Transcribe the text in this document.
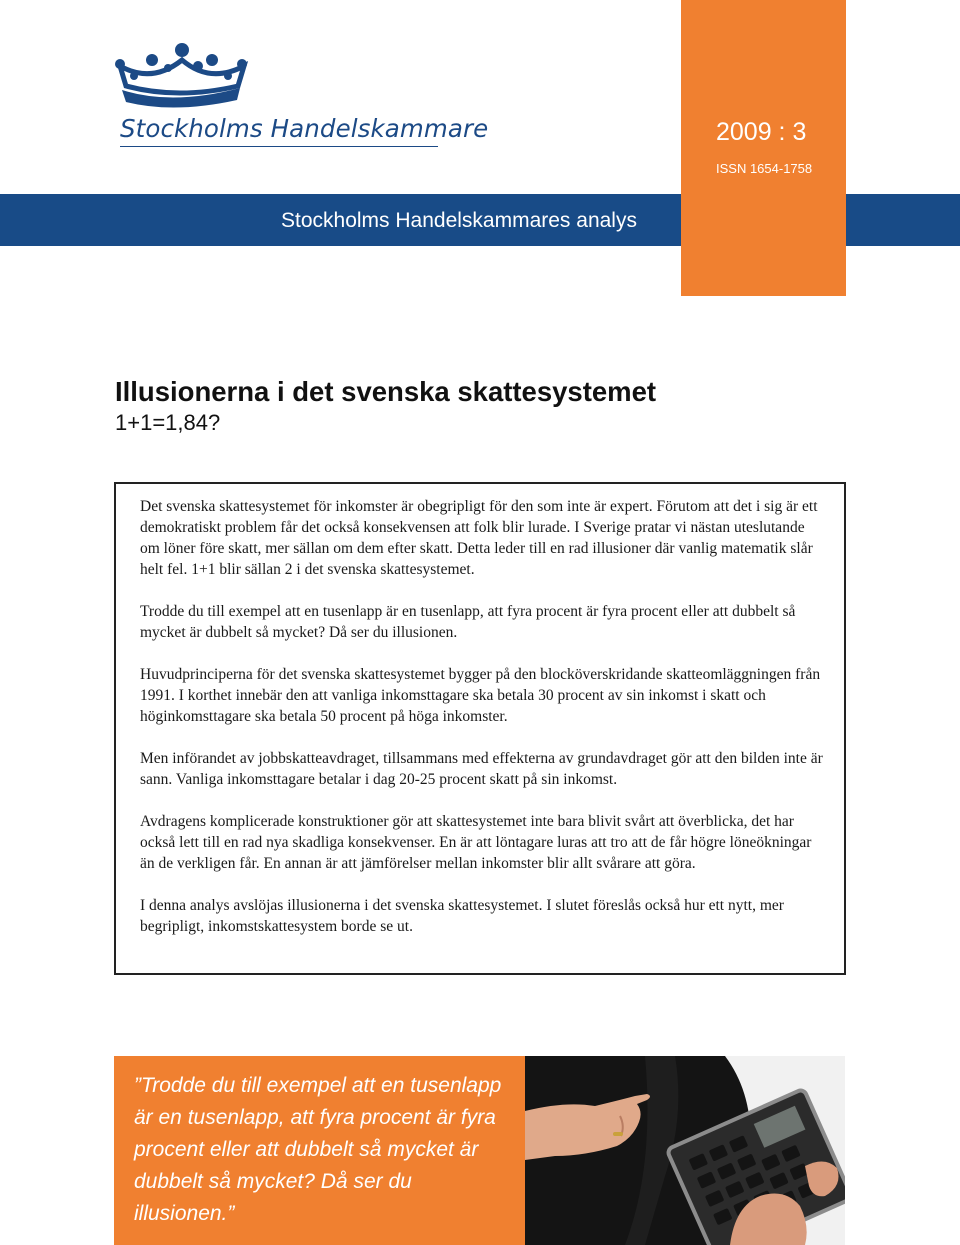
Stockholms Handelskammare
Stockholms Handelskammares analys
2009 : 3
ISSN 1654-1758
Illusionerna i det svenska skattesystemet
1+1=1,84?

Det svenska skattesystemet för inkomster är obegripligt för den som inte är expert. Förutom att det i sig är ett demokratiskt problem får det också konsekvensen att folk blir lurade. I Sverige pratar vi nästan uteslutande om löner före skatt, mer sällan om dem efter skatt. Detta leder till en rad illusioner där vanlig matematik slår helt fel. 1+1 blir sällan 2 i det svenska skattesystemet.

Trodde du till exempel att en tusenlapp är en tusenlapp, att fyra procent är fyra procent eller att dubbelt så mycket är dubbelt så mycket? Då ser du illusionen.

Huvudprinciperna för det svenska skattesystemet bygger på den blocköverskridande skatteomläggningen från 1991. I korthet innebär den att vanliga inkomsttagare ska betala 30 procent av sin inkomst i skatt och höginkomsttagare ska betala 50 procent på höga inkomster.

Men införandet av jobbskatteavdraget, tillsammans med effekterna av grundavdraget gör att den bilden inte är sann. Vanliga inkomsttagare betalar i dag 20-25 procent skatt på sin inkomst.

Avdragens komplicerade konstruktioner gör att skattesystemet inte bara blivit svårt att överblicka, det har också lett till en rad nya skadliga konsekvenser. En är att löntagare luras att tro att de får högre löneökningar än de verkligen får. En annan är att jämförelser mellan inkomster blir allt svårare att göra.

I denna analys avslöjas illusionerna i det svenska skattesystemet. I slutet föreslås också hur ett nytt, mer begripligt, inkomstskattesystem borde se ut.

”Trodde du till exempel att en tusenlapp är en tusenlapp, att fyra procent är fyra procent eller att dubbelt så mycket är dubbelt så mycket? Då ser du illusionen.”
